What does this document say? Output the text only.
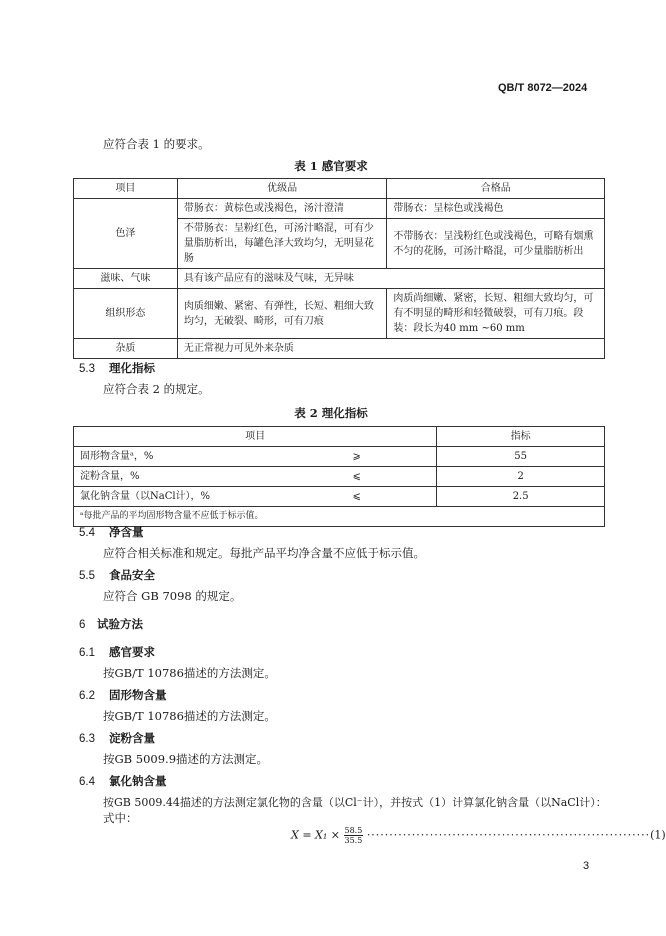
QB/T 8072—2024
应符合表 1 的要求。
表 1 感官要求
项目	优级品	合格品
色泽	带肠衣：黄棕色或浅褐色，汤汁澄清	带肠衣：呈棕色或浅褐色
	不带肠衣：呈粉红色，可汤汁略混，可有少量脂肪析出，每罐色泽大致均匀，无明显花肠	不带肠衣：呈浅粉红色或浅褐色，可略有烟熏不匀的花肠，可汤汁略混，可少量脂肪析出
滋味、气味	具有该产品应有的滋味及气味，无异味	
组织形态	肉质细嫩、紧密、有弹性，长短、粗细大致均匀，无破裂、畸形，可有刀痕	肉质尚细嫩、紧密，长短、粗细大致均匀，可有不明显的畸形和轻微破裂，可有刀痕。段装：段长为40 mm ~60 mm
杂质	无正常视力可见外来杂质	
5.3 理化指标
应符合表 2 的规定。
表 2 理化指标
项目		指标
固形物含量ᵃ，%	⩾	55
淀粉含量，%	⩽	2
氯化钠含量（以NaCl计），%	⩽	2.5
ᵃ每批产品的平均固形物含量不应低于标示值。		
5.4 净含量
应符合相关标准和规定。每批产品平均净含量不应低于标示值。
5.5 食品安全
应符合 GB 7098 的规定。
6 试验方法
6.1 感官要求
按GB/T 10786描述的方法测定。
6.2 固形物含量
按GB/T 10786描述的方法测定。
6.3 淀粉含量
按GB 5009.9描述的方法测定。
6.4 氯化钠含量
按GB 5009.44描述的方法测定氯化物的含量（以Cl⁻计），并按式（1）计算氯化钠含量（以NaCl计）：
式中：
$X = X_1 \times \frac{58.5}{35.5} \cdot\cdot\cdot\cdot\cdot\cdot\cdot\cdot\cdot\cdot\cdot\cdot\cdot\cdot\cdot\cdot\cdot\cdot\cdot\cdot\cdot\cdot\cdot\cdot\cdot\cdot\cdot\cdot\cdot\cdot\cdot\cdot\cdot\cdot\cdot\cdot\cdot\cdot\cdot\cdot\cdot\cdot\cdot\cdot\cdot\cdot\cdot\cdot\cdot\cdot\cdot\cdot\cdot\cdot\cdot\cdot\cdot\cdot\cdot\cdot\cdot\cdot\cdot(1)$
3
